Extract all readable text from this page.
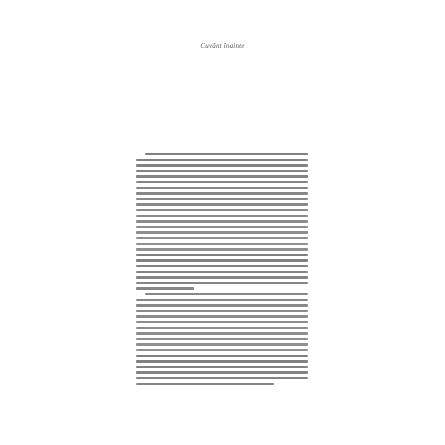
Cuvânt înainte
